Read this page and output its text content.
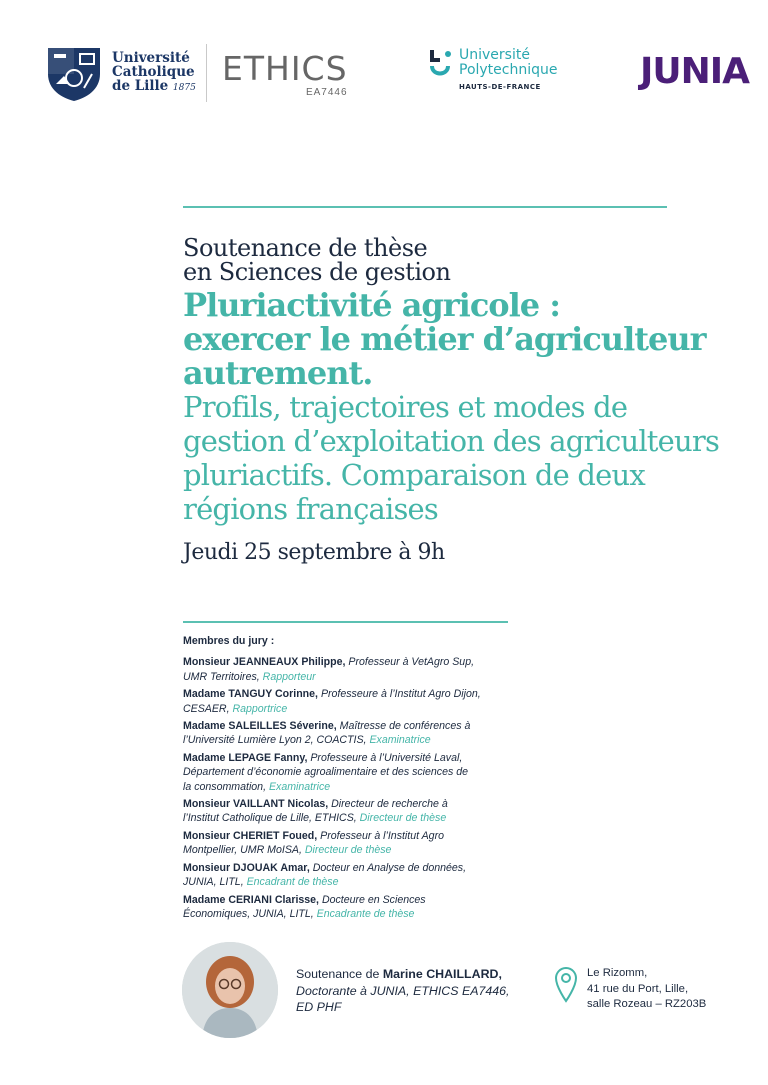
Université
Catholique
de Lille 1875 ETHICS
EA7446
Université
Polytechnique
HAUTS-DE-FRANCE	JUNIA
Soutenance de thèse
en Sciences de gestion
Pluriactivité agricole :
exercer le métier d’agriculteur
autrement.
Profils, trajectoires et modes de
gestion d’exploitation des agriculteurs
pluriactifs. Comparaison de deux
régions françaises
Jeudi 25 septembre à 9h
Membres du jury :
Monsieur JEANNEAUX Philippe, Professeur à VetAgro Sup,
UMR Territoires, Rapporteur
Madame TANGUY Corinne, Professeure à l’Institut Agro Dijon,
CESAER, Rapportrice
Madame SALEILLES Séverine, Maîtresse de conférences à
l’Université Lumière Lyon 2, COACTIS, Examinatrice
Madame LEPAGE Fanny, Professeure à l’Université Laval,
Département d’économie agroalimentaire et des sciences de
la consommation, Examinatrice
Monsieur VAILLANT Nicolas, Directeur de recherche à
l’Institut Catholique de Lille, ETHICS, Directeur de thèse
Monsieur CHERIET Foued, Professeur à l’Institut Agro
Montpellier, UMR MoISA, Directeur de thèse
Monsieur DJOUAK Amar, Docteur en Analyse de données,
JUNIA, LITL, Encadrant de thèse
Madame CERIANI Clarisse, Docteure en Sciences
Économiques, JUNIA, LITL, Encadrante de thèse
Soutenance de Marine CHAILLARD,
Doctorante à JUNIA, ETHICS EA7446,
ED PHF
Le Rizomm,
41 rue du Port, Lille,
salle Rozeau – RZ203B
